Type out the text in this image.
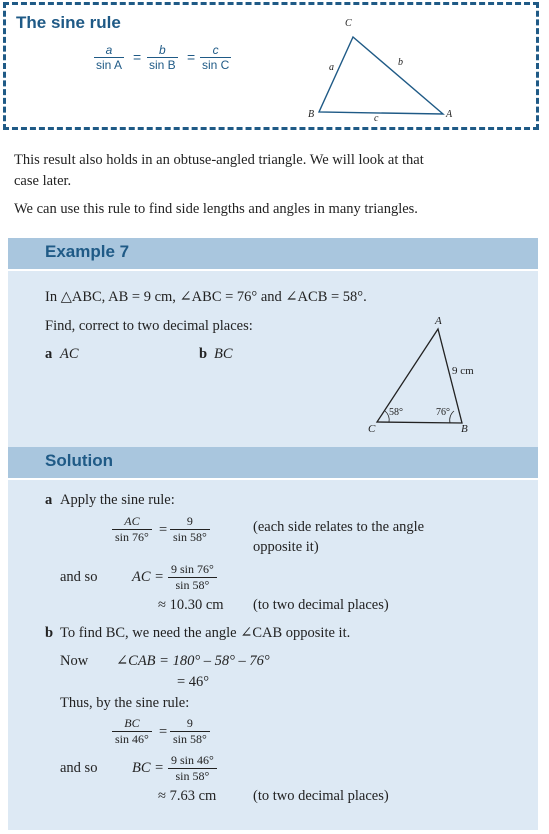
The sine rule
$\frac{a}{\text{sin A}} = \frac{b}{\text{sin B}} = \frac{c}{\text{sin C}}$
C
B	A
a	b
c
This result also holds in an obtuse-angled triangle. We will look at that
case later.
We can use this rule to find side lengths and angles in many triangles.
Example 7
In △ABC, AB = 9 cm, ∠ABC = 76° and ∠ACB = 58°.
Find, correct to two decimal places:
a AC	b BC
A
C	B
9 cm
58°	76°
Solution
a Apply the sine rule:
$\frac{AC}{\sin 76^\circ} = \frac{9}{\sin 58^\circ}$	(each side relates to the angle
opposite it)
and so AC = $\frac{9 \sin 76^\circ}{\sin 58^\circ}$
≈ 10.30 cm (to two decimal places)
b To find BC, we need the angle ∠CAB opposite it.
Now ∠CAB = 180° – 58° – 76°
= 46°
Thus, by the sine rule:
$\frac{BC}{\sin 46^\circ} = \frac{9}{\sin 58^\circ}$
and so BC = $\frac{9 \sin 46^\circ}{\sin 58^\circ}$
≈ 7.63 cm	(to two decimal places)
